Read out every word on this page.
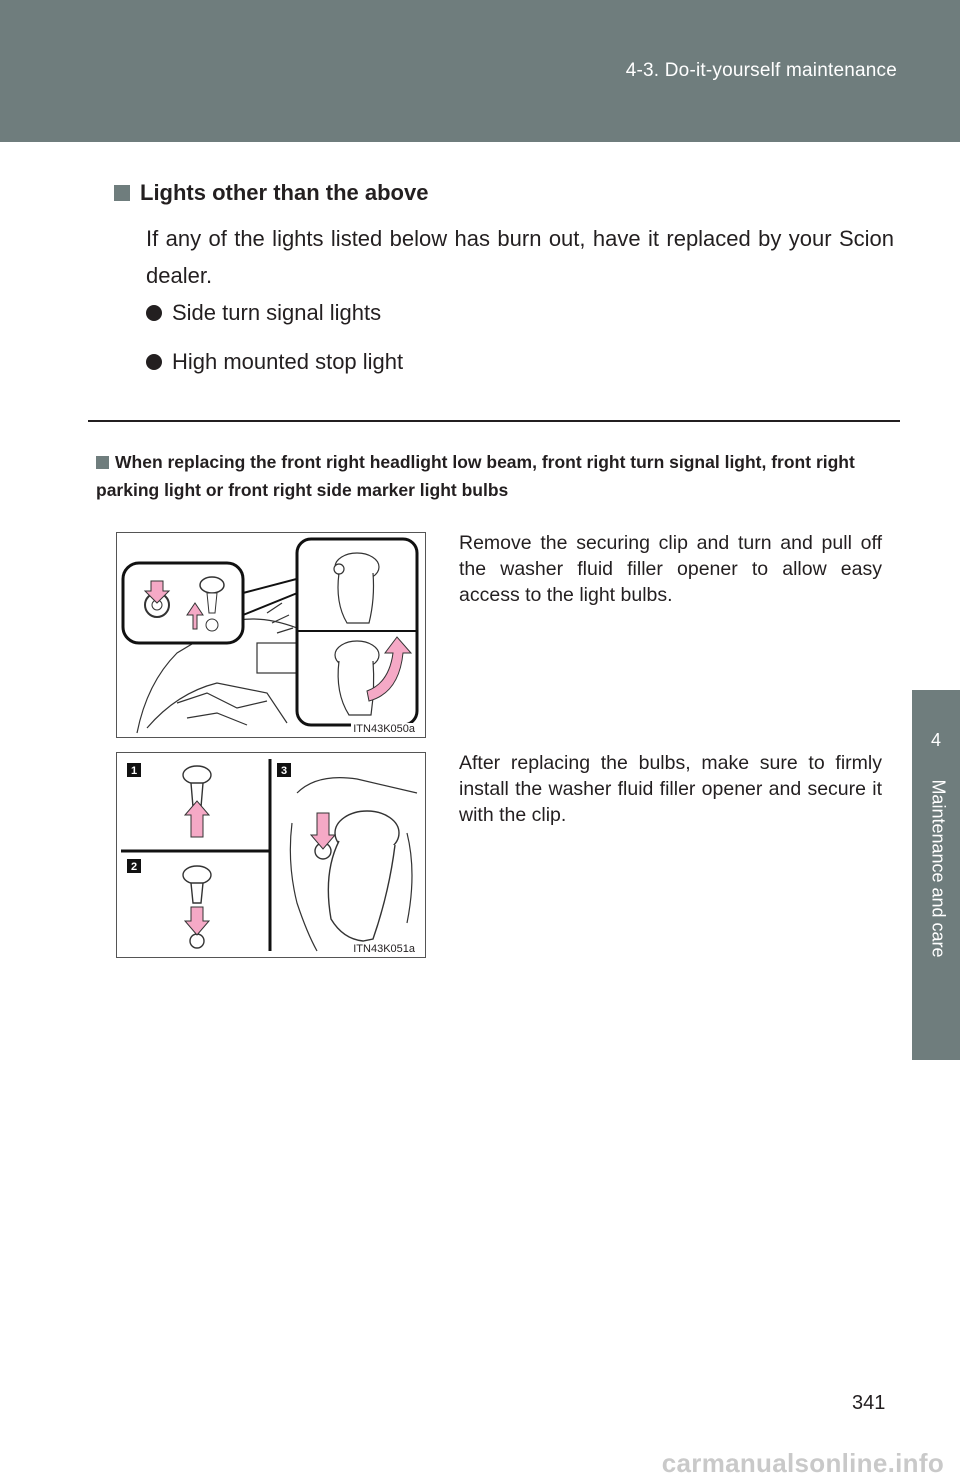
4-3. Do-it-yourself maintenance
4
Maintenance and care
Lights other than the above
If any of the lights listed below has burn out, have it replaced by your Scion dealer.
Side turn signal lights
High mounted stop light
When replacing the front right headlight low beam, front right turn signal light, front right parking light or front right side marker light bulbs
ITN43K050a
Remove the securing clip and turn and pull off the washer fluid filler opener to allow easy access to the light bulbs.
1
2
3
ITN43K051a
After replacing the bulbs, make sure to firmly install the washer fluid filler opener and secure it with the clip.
341
carmanualsonline.info
